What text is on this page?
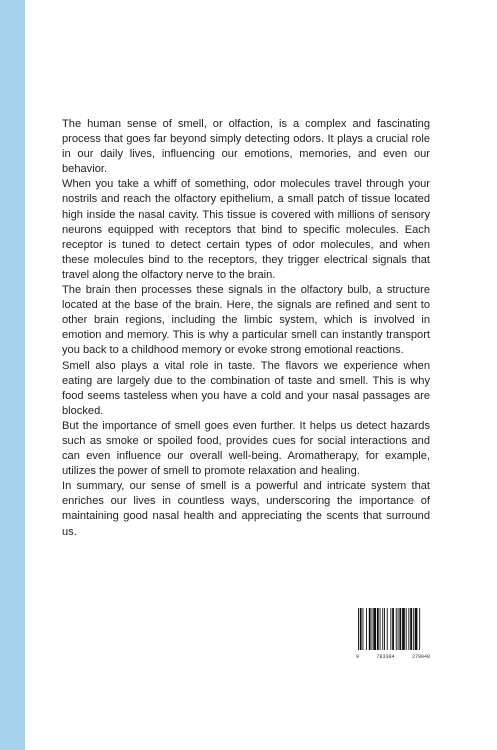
The human sense of smell, or olfaction, is a complex and fascinating process that goes far beyond simply detecting odors. It plays a crucial role in our daily lives, influencing our emotions, memories, and even our behavior.

When you take a whiff of something, odor molecules travel through your nostrils and reach the olfactory epithelium, a small patch of tissue located high inside the nasal cavity. This tissue is covered with millions of sensory neurons equipped with receptors that bind to specific molecules. Each receptor is tuned to detect certain types of odor molecules, and when these molecules bind to the receptors, they trigger electrical signals that travel along the olfactory nerve to the brain.

The brain then processes these signals in the olfactory bulb, a structure located at the base of the brain. Here, the signals are refined and sent to other brain regions, including the limbic system, which is involved in emotion and memory. This is why a particular smell can instantly transport you back to a childhood memory or evoke strong emotional reactions.

Smell also plays a vital role in taste. The flavors we experience when eating are largely due to the combination of taste and smell. This is why food seems tasteless when you have a cold and your nasal passages are blocked.

But the importance of smell goes even further. It helps us detect hazards such as smoke or spoiled food, provides cues for social interactions and can even influence our overall well-being. Aromatherapy, for example, utilizes the power of smell to promote relaxation and healing.

In summary, our sense of smell is a powerful and intricate system that enriches our lives in countless ways, underscoring the importance of maintaining good nasal health and appreciating the scents that surround us.

9	783384	279040
